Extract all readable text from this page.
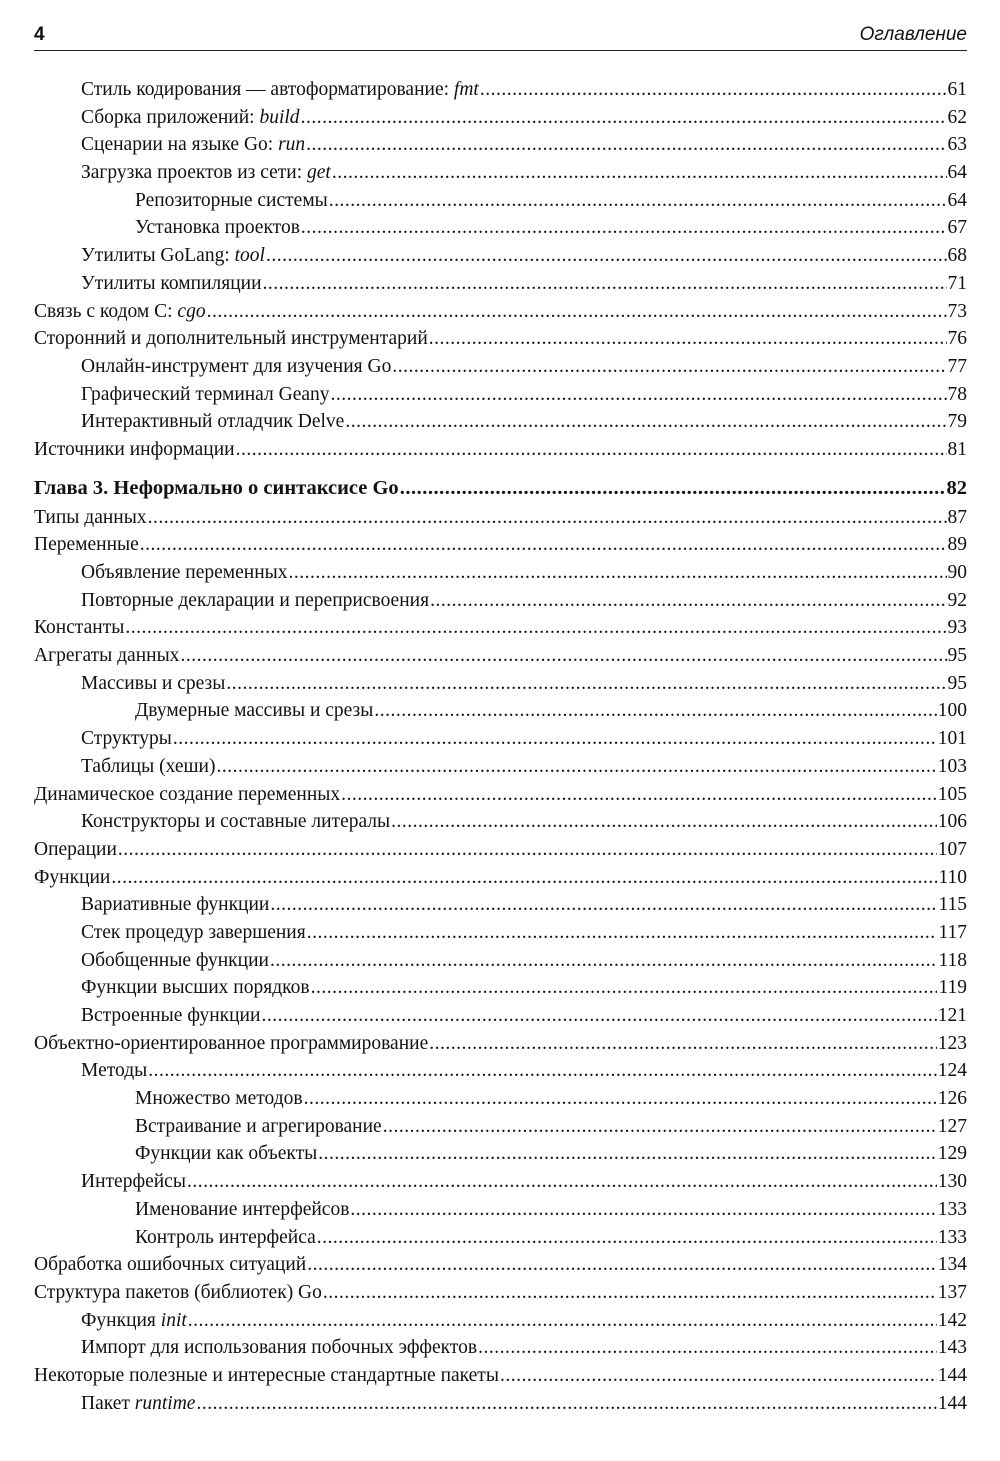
4	Оглавление
Стиль кодирования — автоформатирование: fmt .....	61
Сборка приложений: build .....	62
Сценарии на языке Go: run .....	63
Загрузка проектов из сети: get .....	64
Репозиторные системы .....	64
Установка проектов .....	67
Утилиты GoLang: tool .....	68
Утилиты компиляции .....	71
Связь с кодом С: cgo .....	73
Сторонний и дополнительный инструментарий .....	76
Онлайн-инструмент для изучения Go .....	77
Графический терминал Geany .....	78
Интерактивный отладчик Delve .....	79
Источники информации .....	81
Глава 3. Неформально о синтаксисе Go .....	82
Типы данных .....	87
Переменные .....	89
Объявление переменных .....	90
Повторные декларации и переприсвоения .....	92
Константы .....	93
Агрегаты данных .....	95
Массивы и срезы .....	95
Двумерные массивы и срезы .....	100
Структуры .....	101
Таблицы (хеши) .....	103
Динамическое создание переменных .....	105
Конструкторы и составные литералы .....	106
Операции .....	107
Функции .....	110
Вариативные функции .....	115
Стек процедур завершения .....	117
Обобщенные функции .....	118
Функции высших порядков .....	119
Встроенные функции .....	121
Объектно-ориентированное программирование .....	123
Методы .....	124
Множество методов .....	126
Встраивание и агрегирование .....	127
Функции как объекты .....	129
Интерфейсы .....	130
Именование интерфейсов .....	133
Контроль интерфейса .....	133
Обработка ошибочных ситуаций .....	134
Структура пакетов (библиотек) Go .....	137
Функция init .....	142
Импорт для использования побочных эффектов .....	143
Некоторые полезные и интересные стандартные пакеты .....	144
Пакет runtime .....	144
